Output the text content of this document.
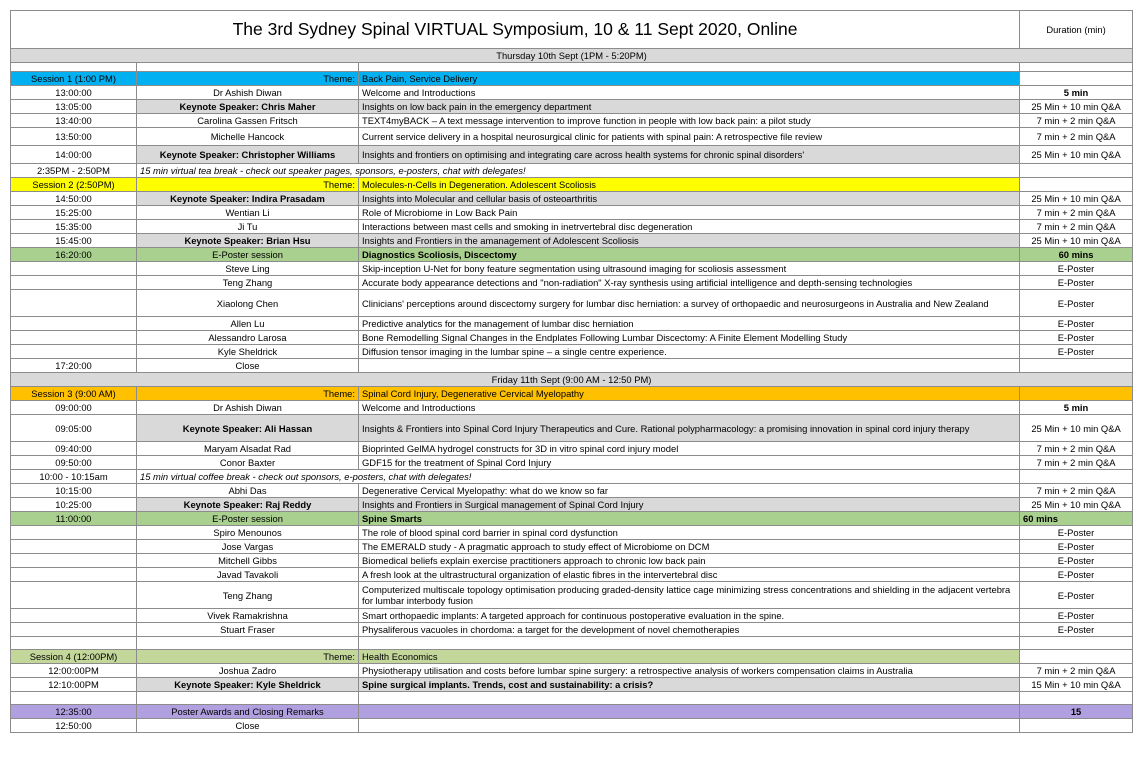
The 3rd Sydney Spinal VIRTUAL Symposium, 10 & 11 Sept 2020, Online			Duration (min)
Thursday 10th Sept (1PM - 5:20PM)			

Session 1 (1:00 PM)	Theme:	Back Pain, Service Delivery	
13:00:00	Dr Ashish Diwan	Welcome and Introductions	5 min
13:05:00	Keynote Speaker: Chris Maher	Insights on low back pain in the emergency department	25 Min + 10 min Q&A
13:40:00	Carolina Gassen Fritsch	TEXT4myBACK – A text message intervention to improve function in people with low back pain: a pilot study	7 min + 2 min Q&A
13:50:00	Michelle Hancock	Current service delivery in a hospital neurosurgical clinic for patients with spinal pain: A retrospective file review	7 min + 2 min Q&A
14:00:00	Keynote Speaker: Christopher Williams	Insights and frontiers on optimising and integrating care across health systems for chronic spinal disorders'	25 Min + 10 min Q&A
2:35PM - 2:50PM	15 min virtual tea break - check out speaker pages, sponsors, e-posters, chat with delegates!		
Session 2 (2:50PM)	Theme:	Molecules-n-Cells in Degeneration. Adolescent Scoliosis	
14:50:00	Keynote Speaker: Indira Prasadam	Insights into Molecular and cellular basis of osteoarthritis	25 Min + 10 min Q&A
15:25:00	Wentian Li	Role of Microbiome in Low Back Pain	7 min + 2 min Q&A
15:35:00	Ji Tu	Interactions between mast cells and smoking in inetrvertebral disc degeneration	7 min + 2 min Q&A
15:45:00	Keynote Speaker: Brian Hsu	Insights and Frontiers in the amanagement of Adolescent Scoliosis	25 Min + 10 min Q&A
16:20:00	E-Poster session	Diagnostics Scoliosis, Discectomy	60 mins
	Steve Ling	Skip-inception U-Net for bony feature segmentation using ultrasound imaging for scoliosis assessment	E-Poster
	Teng Zhang	Accurate body appearance detections and "non-radiation" X-ray synthesis using artificial intelligence and depth-sensing technologies	E-Poster
	Xiaolong Chen	Clinicians' perceptions around discectomy surgery for lumbar disc herniation: a survey of orthopaedic and neurosurgeons in Australia and New Zealand	E-Poster
	Allen Lu	Predictive analytics for the management of lumbar disc herniation	E-Poster
	Alessandro Larosa	Bone Remodelling Signal Changes in the Endplates Following Lumbar Discectomy: A Finite Element Modelling Study	E-Poster
	Kyle Sheldrick	Diffusion tensor imaging in the lumbar spine – a single centre experience.	E-Poster
17:20:00	Close		
Friday 11th Sept (9:00 AM - 12:50 PM)			
Session 3 (9:00 AM)	Theme:	Spinal Cord Injury, Degenerative Cervical Myelopathy	
09:00:00	Dr Ashish Diwan	Welcome and Introductions	5 min
09:05:00	Keynote Speaker: Ali Hassan	Insights & Frontiers into Spinal Cord Injury Therapeutics and Cure. Rational polypharmacology: a promising innovation in spinal cord injury therapy	25 Min + 10 min Q&A
09:40:00	Maryam Alsadat Rad	Bioprinted GelMA hydrogel constructs for 3D in vitro spinal cord injury model	7 min + 2 min Q&A
09:50:00	Conor Baxter	GDF15 for the treatment of Spinal Cord Injury	7 min + 2 min Q&A
10:00 - 10:15am	15 min virtual coffee break - check out sponsors, e-posters, chat with delegates!		
10:15:00	Abhi Das	Degenerative Cervical Myelopathy: what do we know so far	7 min + 2 min Q&A
10:25:00	Keynote Speaker: Raj Reddy	Insights and Frontiers in Surgical management of Spinal Cord Injury	25 Min + 10 min Q&A
11:00:00	E-Poster session	Spine Smarts	60 mins
	Spiro Menounos	The role of blood spinal cord barrier in spinal cord dysfunction	E-Poster
	Jose Vargas	The EMERALD study - A pragmatic approach to study effect of Microbiome on DCM	E-Poster
	Mitchell Gibbs	Biomedical beliefs explain exercise practitioners approach to chronic low back pain	E-Poster
	Javad Tavakoli	A fresh look at the ultrastructural organization of elastic fibres in the intervertebral disc	E-Poster
	Teng Zhang	Computerized multiscale topology optimisation producing graded-density lattice cage minimizing stress concentrations and shielding in the adjacent vertebra for lumbar interbody fusion	E-Poster
	Vivek Ramakrishna	Smart orthopaedic implants: A targeted approach for continuous postoperative evaluation in the spine.	E-Poster
	Stuart Fraser	Physaliferous vacuoles in chordoma: a target for the development of novel chemotherapies	E-Poster

Session 4 (12:00PM)	Theme:	Health Economics	
12:00:00PM	Joshua Zadro	Physiotherapy utilisation and costs before lumbar spine surgery: a retrospective analysis of workers compensation claims in Australia	7 min + 2 min Q&A
12:10:00PM	Keynote Speaker: Kyle Sheldrick	Spine surgical implants. Trends, cost and sustainability: a crisis?	15 Min + 10 min Q&A

12:35:00	Poster Awards and Closing Remarks		15
12:50:00	Close		
